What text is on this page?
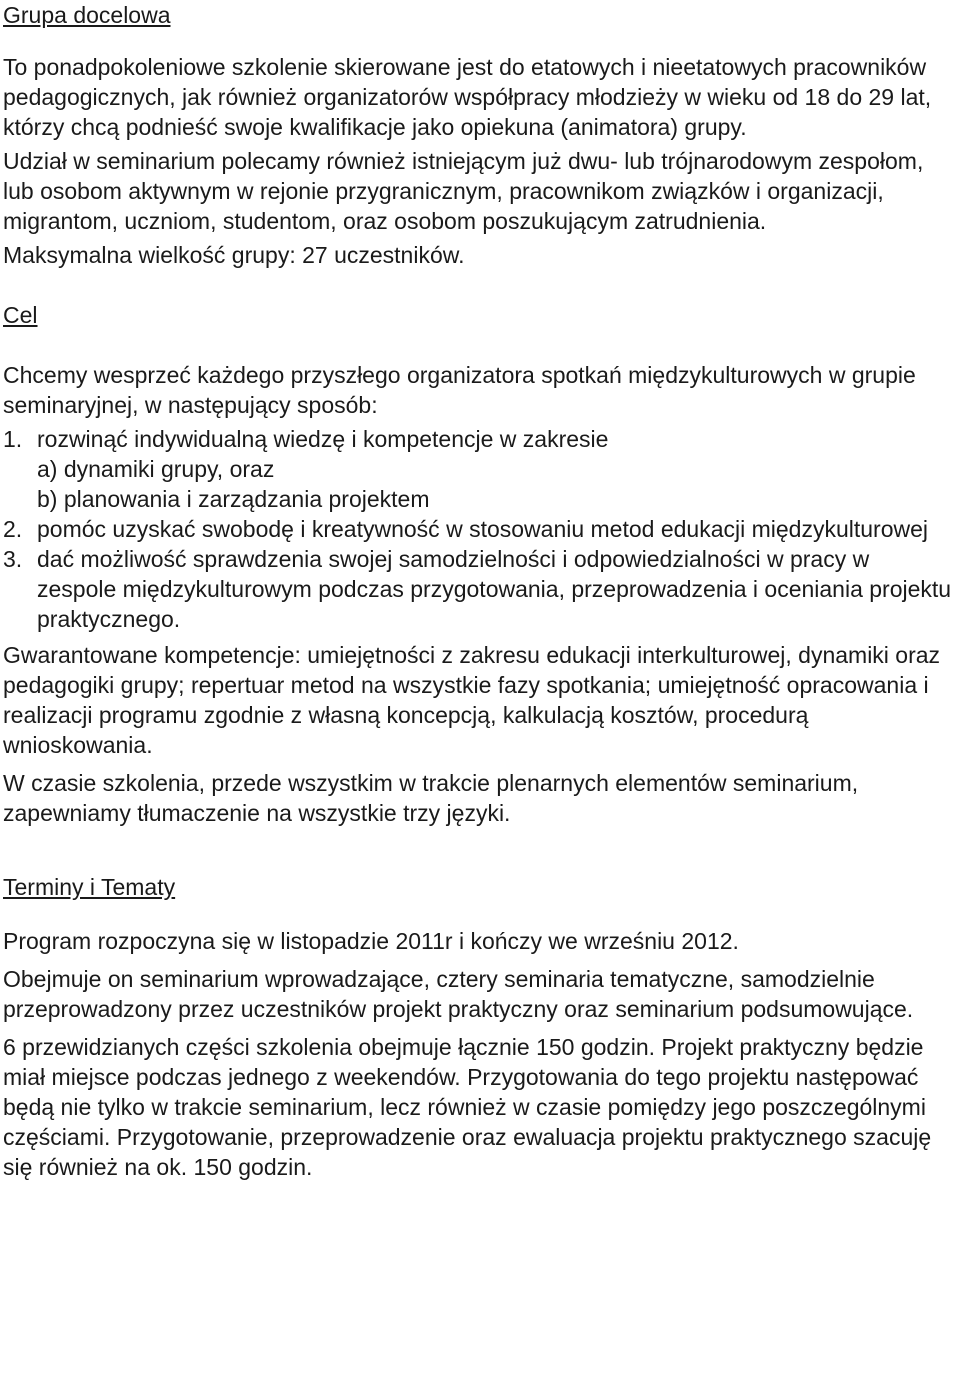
Grupa docelowa

To ponadpokoleniowe szkolenie skierowane jest do etatowych i nieetatowych pracowników pedagogicznych, jak również organizatorów współpracy młodzieży w wieku od 18 do 29 lat, którzy chcą podnieść swoje kwalifikacje jako opiekuna (animatora) grupy.

Udział w seminarium polecamy również istniejącym już dwu- lub trójnarodowym zespołom, lub osobom aktywnym w rejonie przygranicznym, pracownikom związków i organizacji, migrantom, uczniom, studentom, oraz osobom poszukującym zatrudnienia.

Maksymalna wielkość grupy: 27 uczestników.

Cel

Chcemy wesprzeć każdego przyszłego organizatora spotkań międzykulturowych w grupie seminaryjnej, w następujący sposób:

1. rozwinąć indywidualną wiedzę i kompetencje w zakresie
a) dynamiki grupy, oraz
b) planowania i zarządzania projektem
2. pomóc uzyskać swobodę i kreatywność w stosowaniu metod edukacji międzykulturowej
3. dać możliwość sprawdzenia swojej samodzielności i odpowiedzialności w pracy w zespole międzykulturowym podczas przygotowania, przeprowadzenia i oceniania projektu praktycznego.

Gwarantowane kompetencje: umiejętności z zakresu edukacji interkulturowej, dynamiki oraz pedagogiki grupy; repertuar metod na wszystkie fazy spotkania; umiejętność opracowania i realizacji programu zgodnie z własną koncepcją, kalkulacją kosztów, procedurą wnioskowania.

W czasie szkolenia, przede wszystkim w trakcie plenarnych elementów seminarium, zapewniamy tłumaczenie na wszystkie trzy języki.

Terminy i Tematy

Program rozpoczyna się w listopadzie 2011r i kończy we wrześniu 2012.

Obejmuje on seminarium wprowadzające, cztery seminaria tematyczne, samodzielnie przeprowadzony przez uczestników projekt praktyczny oraz seminarium podsumowujące.

6 przewidzianych części szkolenia obejmuje łącznie 150 godzin. Projekt praktyczny będzie miał miejsce podczas jednego z weekendów. Przygotowania do tego projektu następować będą nie tylko w trakcie seminarium, lecz również w czasie pomiędzy jego poszczególnymi częściami. Przygotowanie, przeprowadzenie oraz ewaluacja projektu praktycznego szacuję się również na ok. 150 godzin.
